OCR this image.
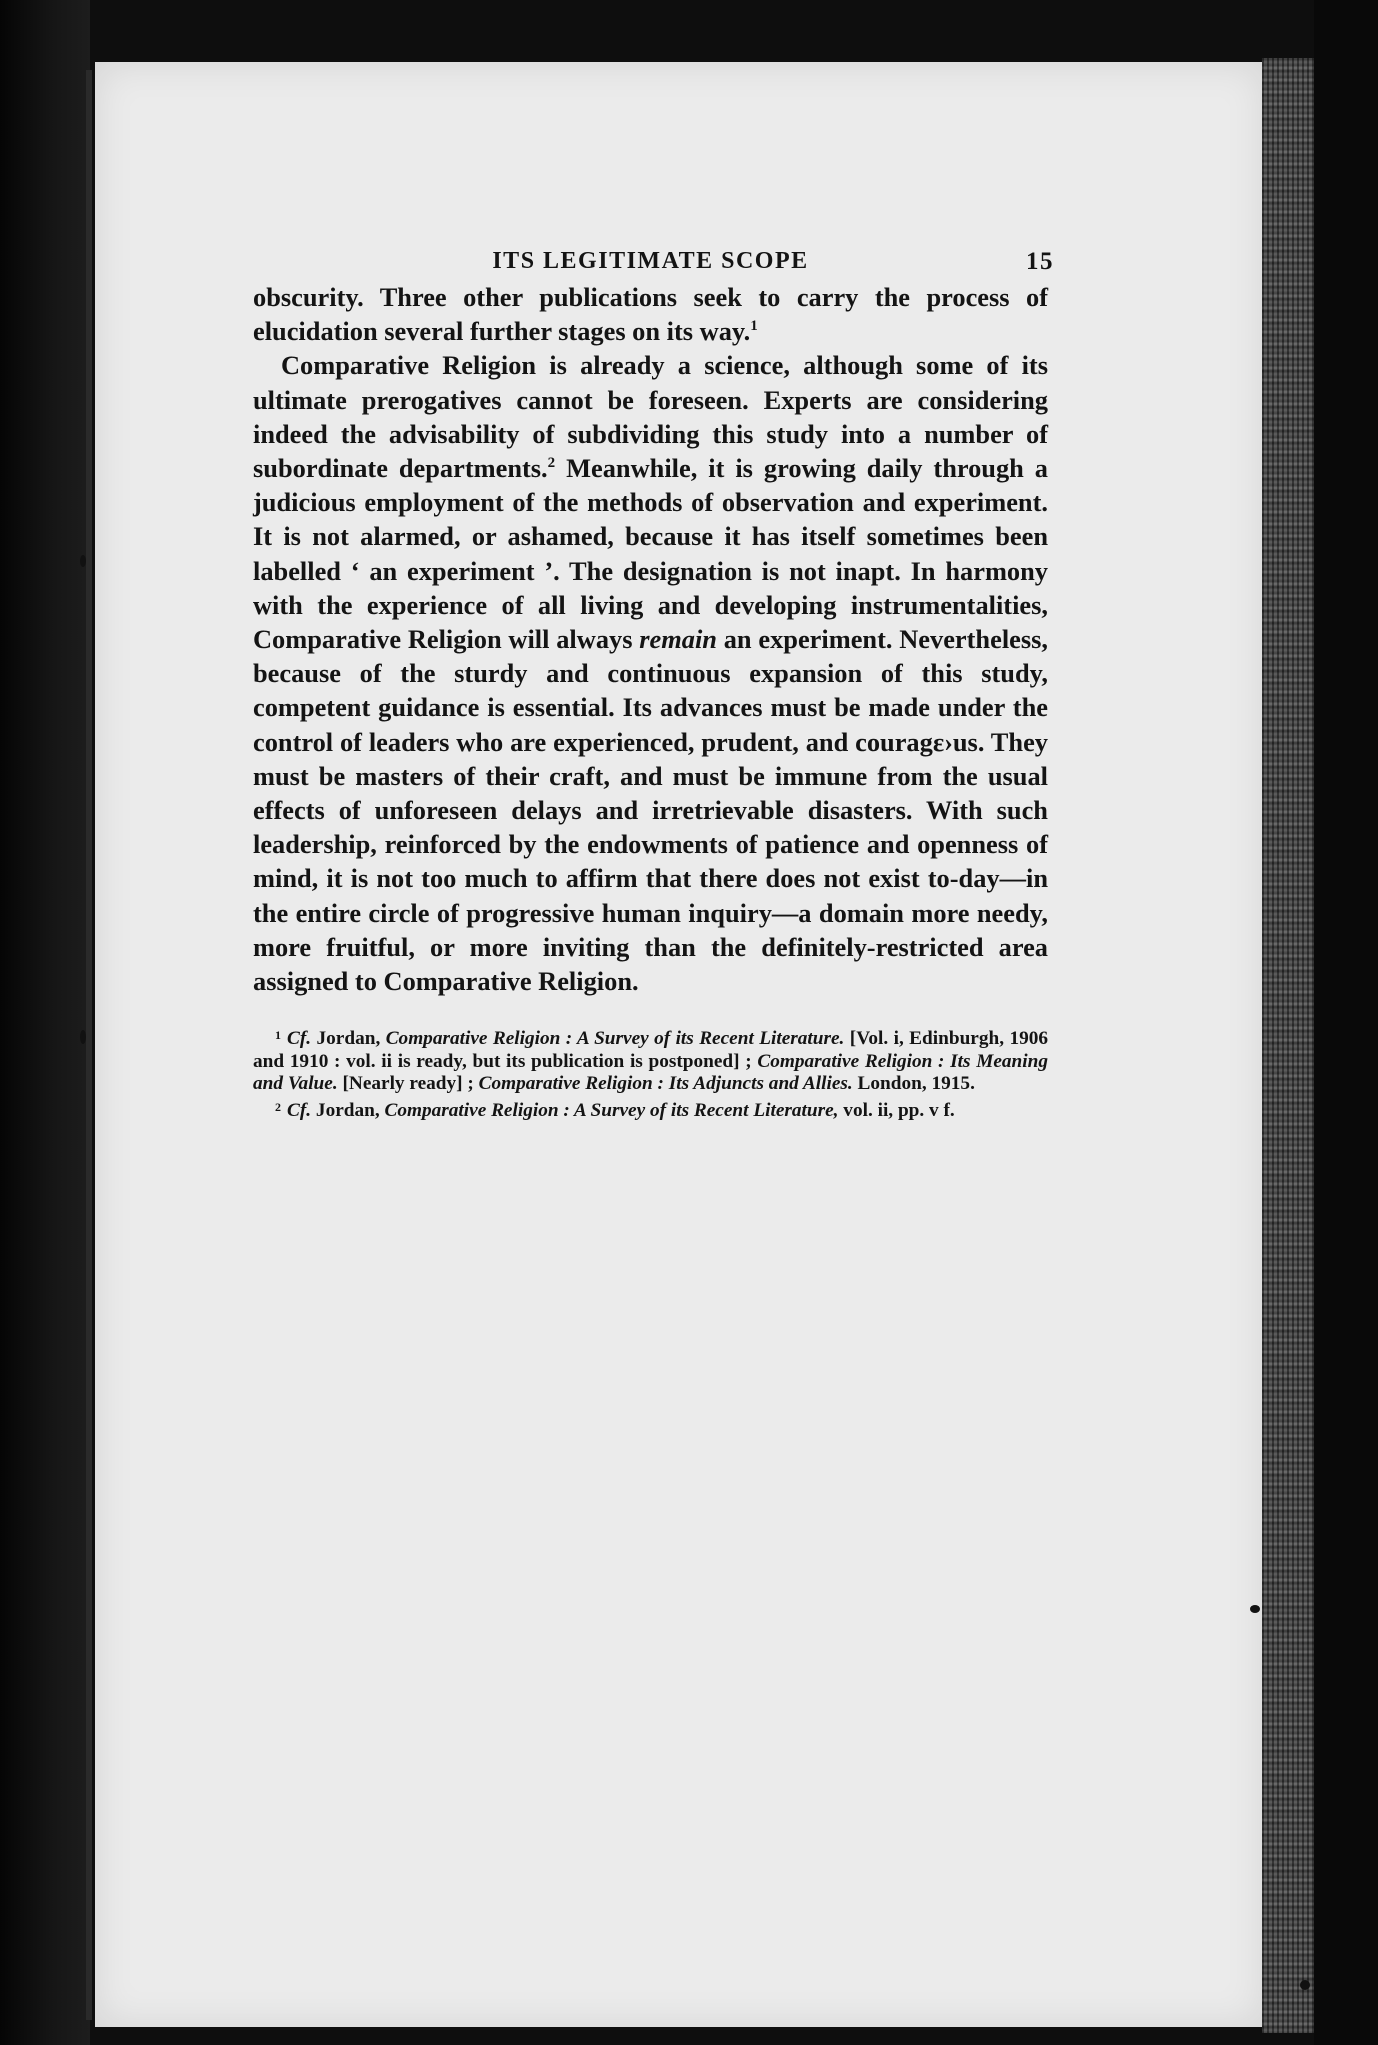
ITS LEGITIMATE SCOPE	15

obscurity. Three other publications seek to carry the process of elucidation several further stages on its way.$^1$

Comparative Religion is already a science, although some of its ultimate prerogatives cannot be foreseen. Experts are considering indeed the advisability of subdividing this study into a number of subordinate departments.$^2$ Meanwhile, it is growing daily through a judicious employment of the methods of observation and experiment. It is not alarmed, or ashamed, because it has itself sometimes been labelled ‘ an experiment ’. The designation is not inapt. In harmony with the experience of all living and developing instrumentalities, Comparative Religion will always remain an experiment. Nevertheless, because of the sturdy and continuous expansion of this study, competent guidance is essential. Its advances must be made under the control of leaders who are experienced, prudent, and couragε›us. They must be masters of their craft, and must be immune from the usual effects of unforeseen delays and irretrievable disasters. With such leadership, reinforced by the endowments of patience and openness of mind, it is not too much to affirm that there does not exist to-day—in the entire circle of progressive human inquiry—a domain more needy, more fruitful, or more inviting than the definitely-restricted area assigned to Comparative Religion.

$^1$ Cf. Jordan, Comparative Religion : A Survey of its Recent Literature. [Vol. i, Edinburgh, 1906 and 1910 : vol. ii is ready, but its publication is postponed] ; Comparative Religion : Its Meaning and Value. [Nearly ready] ; Comparative Religion : Its Adjuncts and Allies. London, 1915.

$^2$ Cf. Jordan, Comparative Religion : A Survey of its Recent Literature, vol. ii, pp. v f.
